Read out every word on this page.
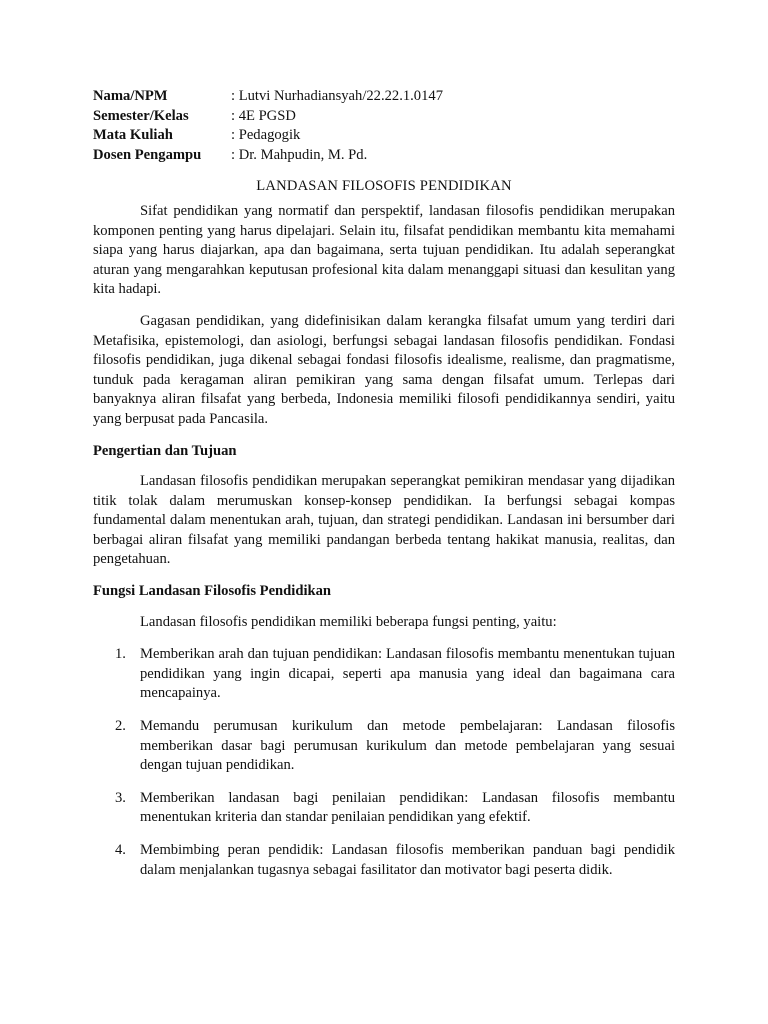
Nama/NPM	: Lutvi Nurhadiansyah/22.22.1.0147
Semester/Kelas	: 4E PGSD
Mata Kuliah	: Pedagogik
Dosen Pengampu	: Dr. Mahpudin, M. Pd.
LANDASAN FILOSOFIS PENDIDIKAN

Sifat pendidikan yang normatif dan perspektif, landasan filosofis pendidikan merupakan komponen penting yang harus dipelajari. Selain itu, filsafat pendidikan membantu kita memahami siapa yang harus diajarkan, apa dan bagaimana, serta tujuan pendidikan. Itu adalah seperangkat aturan yang mengarahkan keputusan profesional kita dalam menanggapi situasi dan kesulitan yang kita hadapi.

Gagasan pendidikan, yang didefinisikan dalam kerangka filsafat umum yang terdiri dari Metafisika, epistemologi, dan asiologi, berfungsi sebagai landasan filosofis pendidikan. Fondasi filosofis pendidikan, juga dikenal sebagai fondasi filosofis idealisme, realisme, dan pragmatisme, tunduk pada keragaman aliran pemikiran yang sama dengan filsafat umum. Terlepas dari banyaknya aliran filsafat yang berbeda, Indonesia memiliki filosofi pendidikannya sendiri, yaitu yang berpusat pada Pancasila.

Pengertian dan Tujuan

Landasan filosofis pendidikan merupakan seperangkat pemikiran mendasar yang dijadikan titik tolak dalam merumuskan konsep-konsep pendidikan. Ia berfungsi sebagai kompas fundamental dalam menentukan arah, tujuan, dan strategi pendidikan. Landasan ini bersumber dari berbagai aliran filsafat yang memiliki pandangan berbeda tentang hakikat manusia, realitas, dan pengetahuan.

Fungsi Landasan Filosofis Pendidikan

Landasan filosofis pendidikan memiliki beberapa fungsi penting, yaitu:

1. Memberikan arah dan tujuan pendidikan: Landasan filosofis membantu menentukan tujuan pendidikan yang ingin dicapai, seperti apa manusia yang ideal dan bagaimana cara mencapainya.
2. Memandu perumusan kurikulum dan metode pembelajaran: Landasan filosofis memberikan dasar bagi perumusan kurikulum dan metode pembelajaran yang sesuai dengan tujuan pendidikan.
3. Memberikan landasan bagi penilaian pendidikan: Landasan filosofis membantu menentukan kriteria dan standar penilaian pendidikan yang efektif.
4. Membimbing peran pendidik: Landasan filosofis memberikan panduan bagi pendidik dalam menjalankan tugasnya sebagai fasilitator dan motivator bagi peserta didik.
